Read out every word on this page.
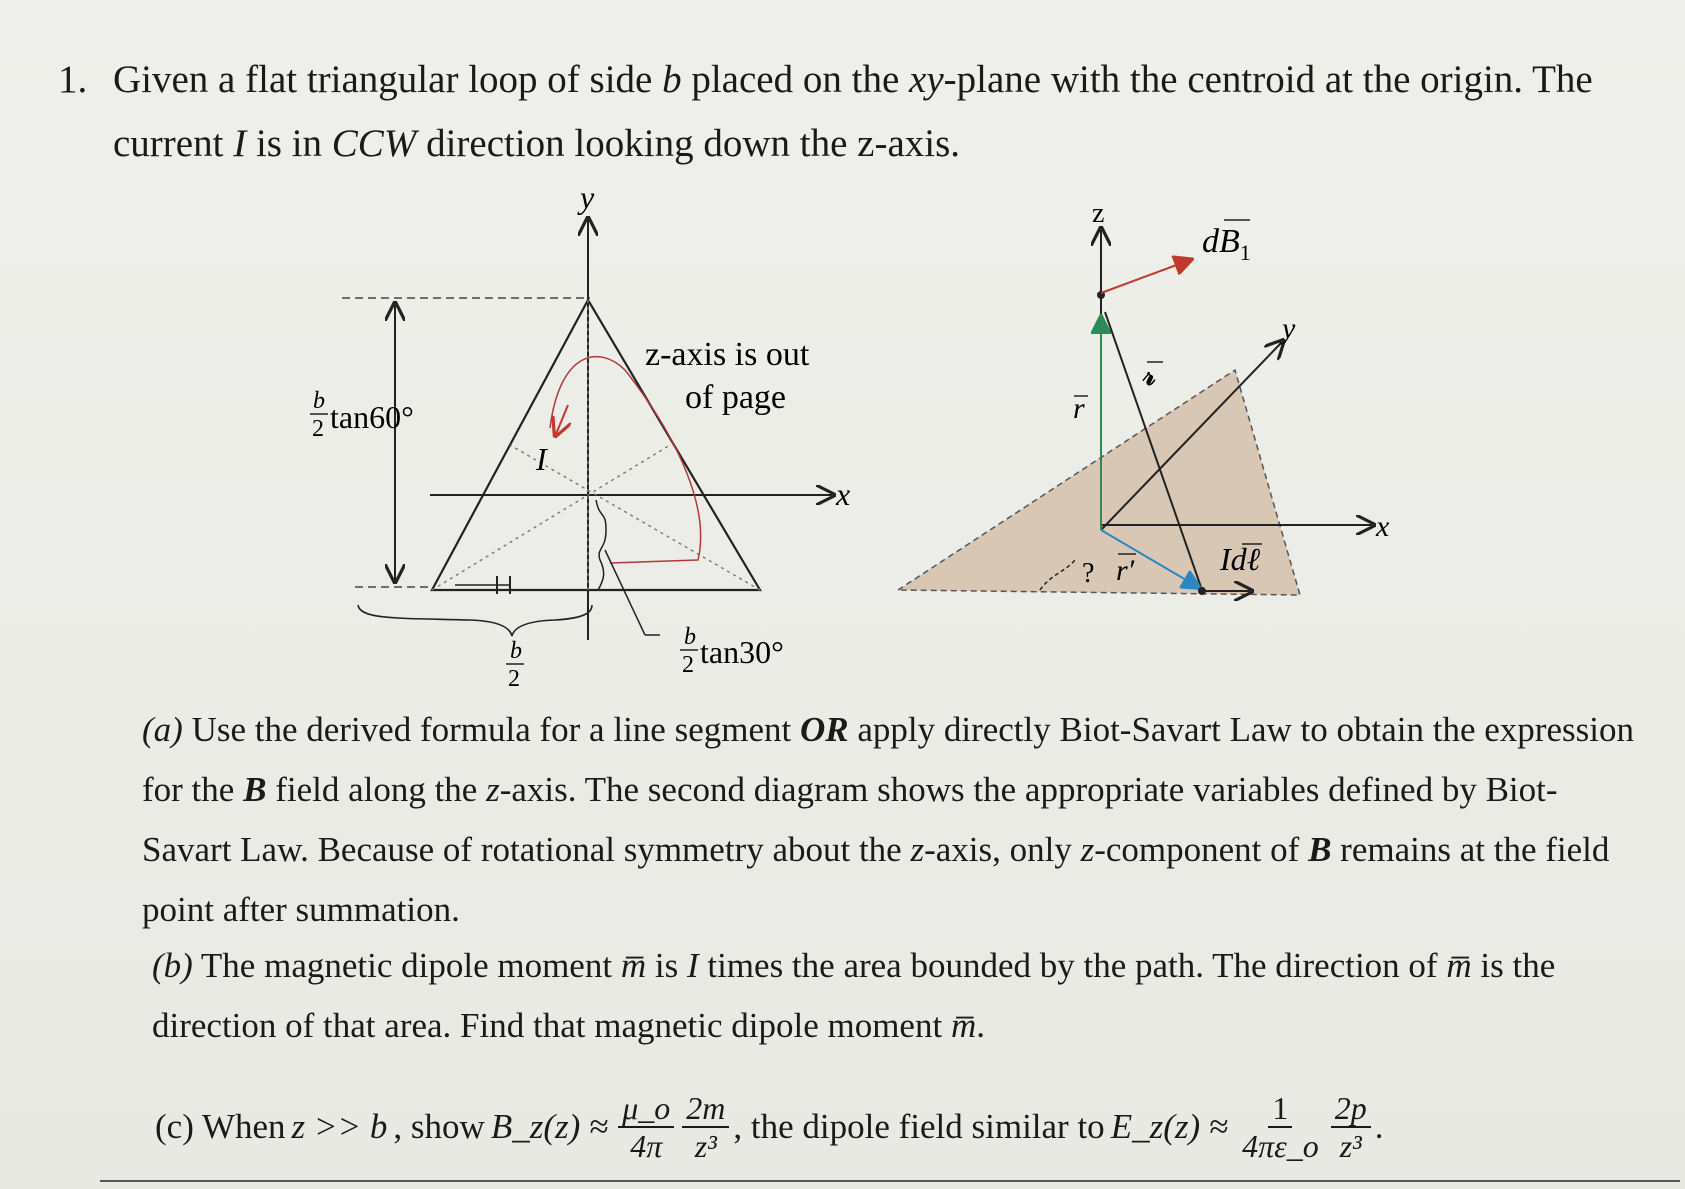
1. Given a flat triangular loop of side b placed on the xy-plane with the centroid at the origin. The current I is in CCW direction looking down the z-axis.
y
x
I
b
2 tan60°
z-axis is out
of page
b
2
b
2 tan30°
z
$dB_1$
y
x
r
𝓇
r′	Idℓ
?
(a) Use the derived formula for a line segment OR apply directly Biot-Savart Law to obtain the expression for the B field along the z-axis. The second diagram shows the appropriate variables defined by Biot-Savart Law. Because of rotational symmetry about the z-axis, only z-component of B remains at the field point after summation.
(b) The magnetic dipole moment m̅ is I times the area bounded by the path. The direction of m̅ is the direction of that area. Find that magnetic dipole moment m̅.
(c) When z >> b , show B_z(z) ≈ $\frac{\mu\_o}{4\pi} \frac{2m}{\text{z³}}$ , the dipole field similar to E_z(z) ≈ $\frac{1}{4\pi\varepsilon\_o} \frac{2p}{\text{z³}}$ .
